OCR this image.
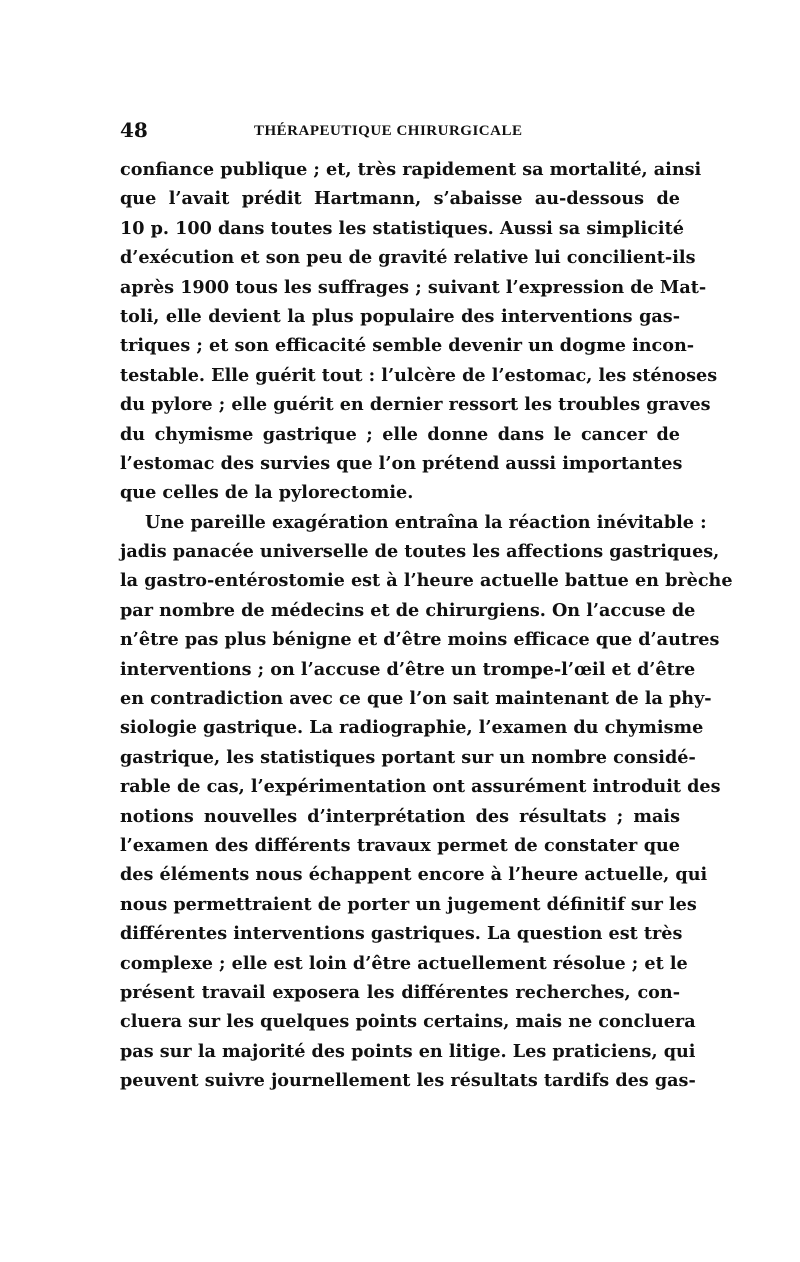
48	THÉRAPEUTIQUE CHIRURGICALE
confiance publique ; et, très rapidement sa mortalité, ainsi
que l’avait prédit Hartmann, s’abaisse au-dessous de
10 p. 100 dans toutes les statistiques. Aussi sa simplicité
d’exécution et son peu de gravité relative lui concilient-ils
après 1900 tous les suffrages ; suivant l’expression de Mat-
toli, elle devient la plus populaire des interventions gas-
triques ; et son efficacité semble devenir un dogme incon-
testable. Elle guérit tout : l’ulcère de l’estomac, les sténoses
du pylore ; elle guérit en dernier ressort les troubles graves
du chymisme gastrique ; elle donne dans le cancer de
l’estomac des survies que l’on prétend aussi importantes
que celles de la pylorectomie.
Une pareille exagération entraîna la réaction inévitable :
jadis panacée universelle de toutes les affections gastriques,
la gastro-entérostomie est à l’heure actuelle battue en brèche
par nombre de médecins et de chirurgiens. On l’accuse de
n’être pas plus bénigne et d’être moins efficace que d’autres
interventions ; on l’accuse d’être un trompe-l’œil et d’être
en contradiction avec ce que l’on sait maintenant de la phy-
siologie gastrique. La radiographie, l’examen du chymisme
gastrique, les statistiques portant sur un nombre considé-
rable de cas, l’expérimentation ont assurément introduit des
notions nouvelles d’interprétation des résultats ; mais
l’examen des différents travaux permet de constater que
des éléments nous échappent encore à l’heure actuelle, qui
nous permettraient de porter un jugement définitif sur les
différentes interventions gastriques. La question est très
complexe ; elle est loin d’être actuellement résolue ; et le
présent travail exposera les différentes recherches, con-
cluera sur les quelques points certains, mais ne concluera
pas sur la majorité des points en litige. Les praticiens, qui
peuvent suivre journellement les résultats tardifs des gas-
